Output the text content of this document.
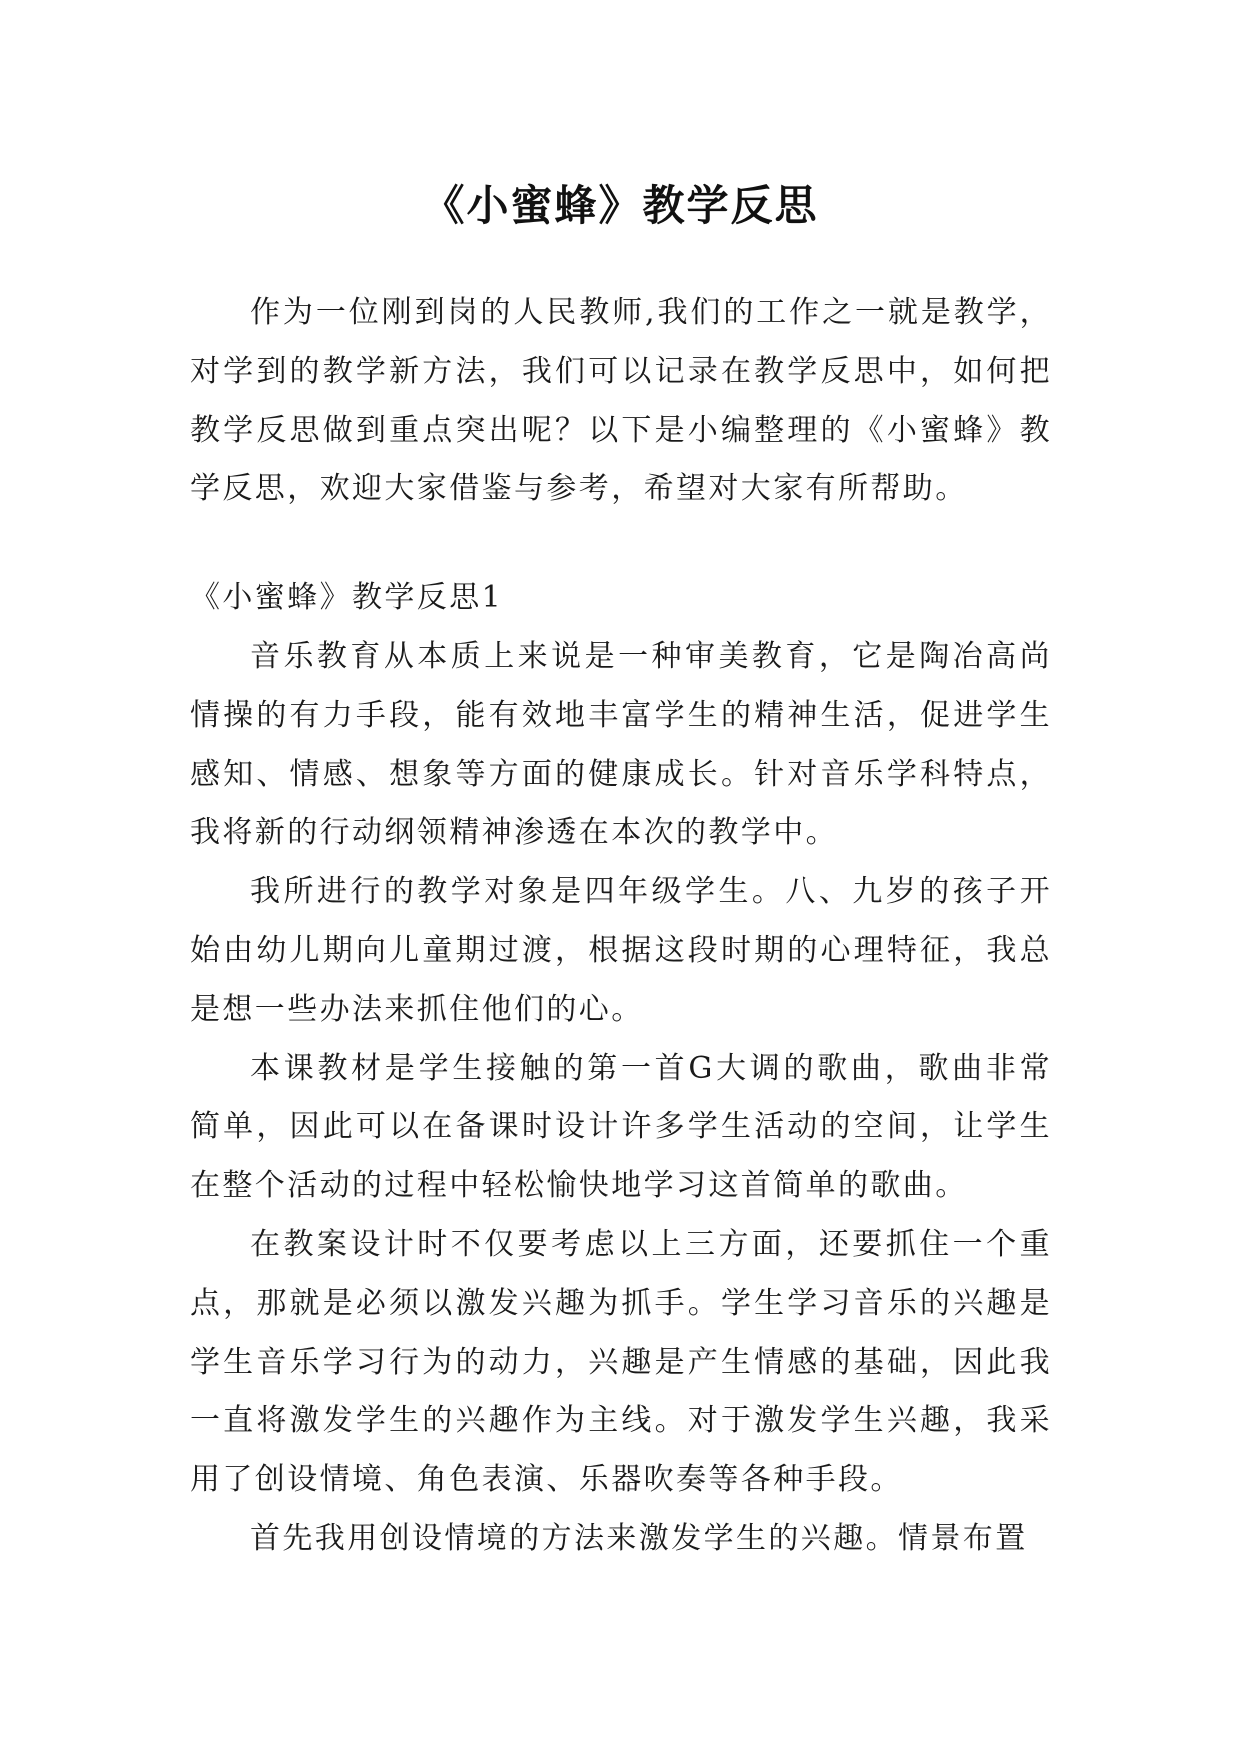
《小蜜蜂》教学反思

作为一位刚到岗的人民教师,我们的工作之一就是教学，对学到的教学新方法，我们可以记录在教学反思中，如何把教学反思做到重点突出呢？以下是小编整理的《小蜜蜂》教学反思，欢迎大家借鉴与参考，希望对大家有所帮助。

《小蜜蜂》教学反思1

音乐教育从本质上来说是一种审美教育，它是陶冶高尚情操的有力手段，能有效地丰富学生的精神生活，促进学生感知、情感、想象等方面的健康成长。针对音乐学科特点，我将新的行动纲领精神渗透在本次的教学中。

我所进行的教学对象是四年级学生。八、九岁的孩子开始由幼儿期向儿童期过渡，根据这段时期的心理特征，我总是想一些办法来抓住他们的心。

本课教材是学生接触的第一首G大调的歌曲，歌曲非常简单，因此可以在备课时设计许多学生活动的空间，让学生在整个活动的过程中轻松愉快地学习这首简单的歌曲。

在教案设计时不仅要考虑以上三方面，还要抓住一个重点，那就是必须以激发兴趣为抓手。学生学习音乐的兴趣是学生音乐学习行为的动力，兴趣是产生情感的基础，因此我一直将激发学生的兴趣作为主线。对于激发学生兴趣，我采用了创设情境、角色表演、乐器吹奏等各种手段。

首先我用创设情境的方法来激发学生的兴趣。情景布置
